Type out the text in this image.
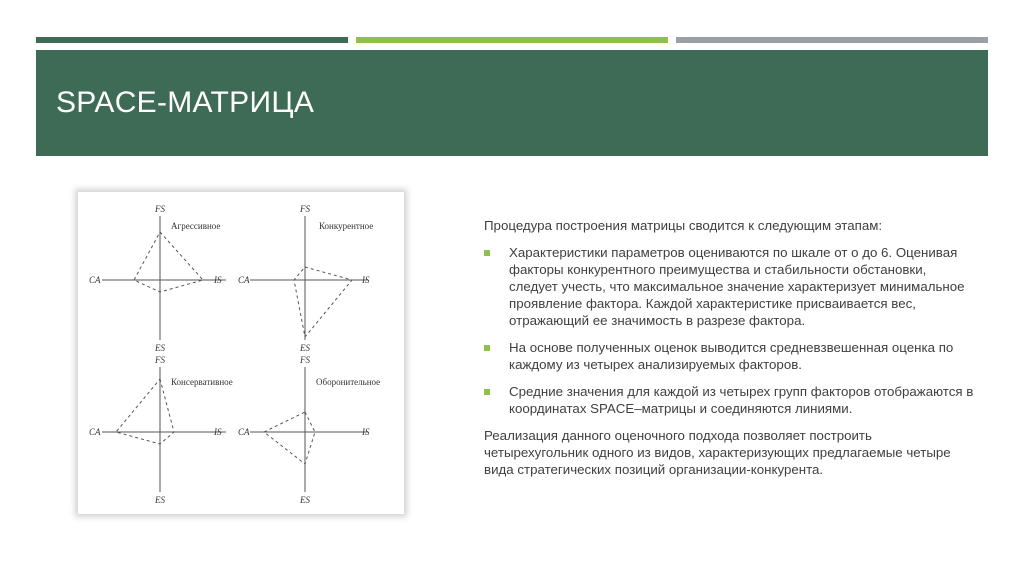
SPACE-МАТРИЦА
FS
ES
CA	IS
Агрессивное
FS
ES
CA	IS
Конкурентное
FS
ES
CA	IS
Консервативное
FS
ES
CA	IS
Оборонительное

Процедура построения матрицы сводится к следующим этапам:

Характеристики параметров оцениваются по шкале от о до 6. Оценивая факторы конкурентного преимущества и стабильности обстановки, следует учесть, что максимальное значение характеризует минимальное проявление фактора. Каждой характеристике присваивается вес, отражающий ее значимость в разрезе фактора.
На основе полученных оценок выводится средневзвешенная оценка по каждому из четырех анализируемых факторов.
Средние значения для каждой из четырех групп факторов отображаются в координатах SPACE–матрицы и соединяются линиями.

Реализация данного оценочного подхода позволяет построить четырехугольник одного из видов, характеризующих предлагаемые четыре вида стратегических позиций организации-конкурента.
